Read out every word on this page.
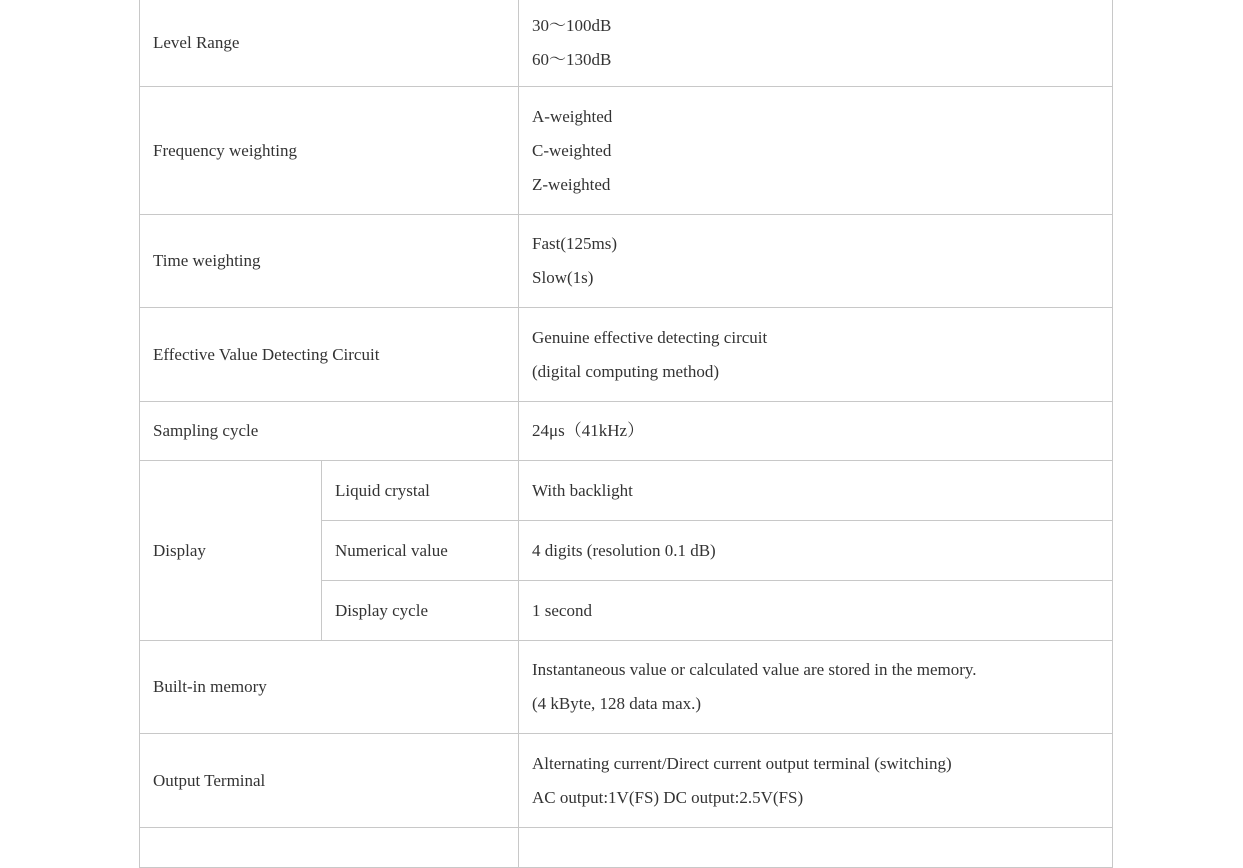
Level Range		30〜100dB
60〜130dB

Frequency weighting		A-weighted
C-weighted
Z-weighted

Time weighting		Fast(125ms)
Slow(1s)

Effective Value Detecting Circuit		Genuine effective detecting circuit
(digital computing method)

Sampling cycle		24μs（41kHz）
Display	Liquid crystal	With backlight
	Numerical value	4 digits (resolution 0.1 dB)
	Display cycle	1 second
Built-in memory		Instantaneous value or calculated value are stored in the memory.
(4 kByte, 128 data max.)

Output Terminal		Alternating current/Direct current output terminal (switching)
AC output:1V(FS) DC output:2.5V(FS)
